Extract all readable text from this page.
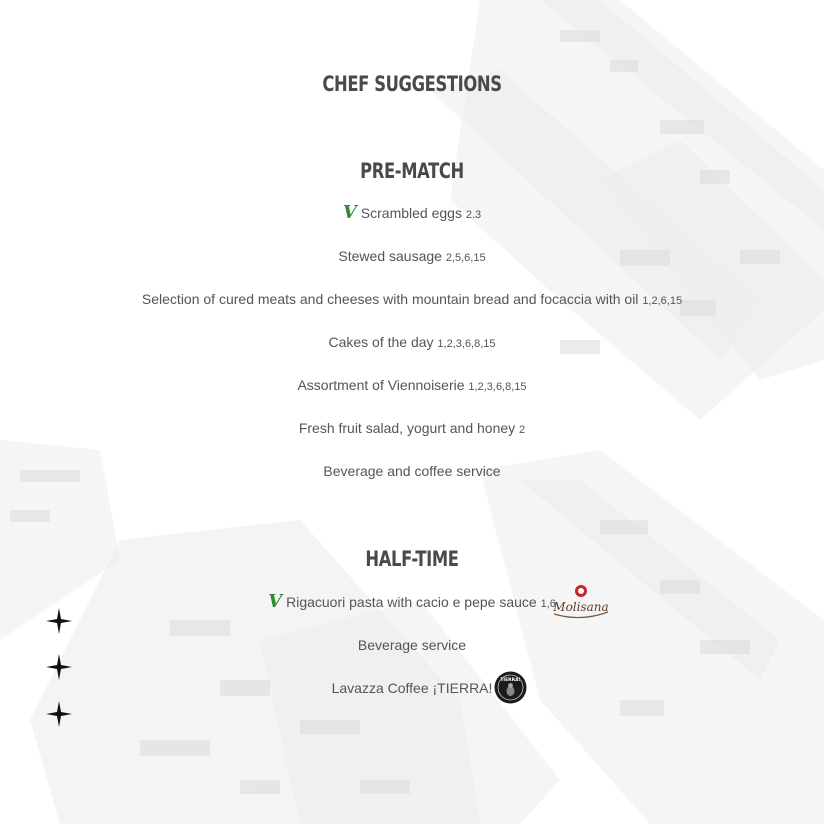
CHEF SUGGESTIONS
PRE-MATCH
V Scrambled eggs 2.3
Stewed sausage 2,5,6,15
Selection of cured meats and cheeses with mountain bread and focaccia with oil 1,2,6,15
Cakes of the day 1,2,3,6,8,15
Assortment of Viennoiserie 1,2,3,6,8,15
Fresh fruit salad, yogurt and honey 2
Beverage and coffee service
HALF-TIME
V Rigacuori pasta with cacio e pepe sauce 1,6
Beverage service
Lavazza Coffee ¡TIERRA!
Molisana
TIERRA!
